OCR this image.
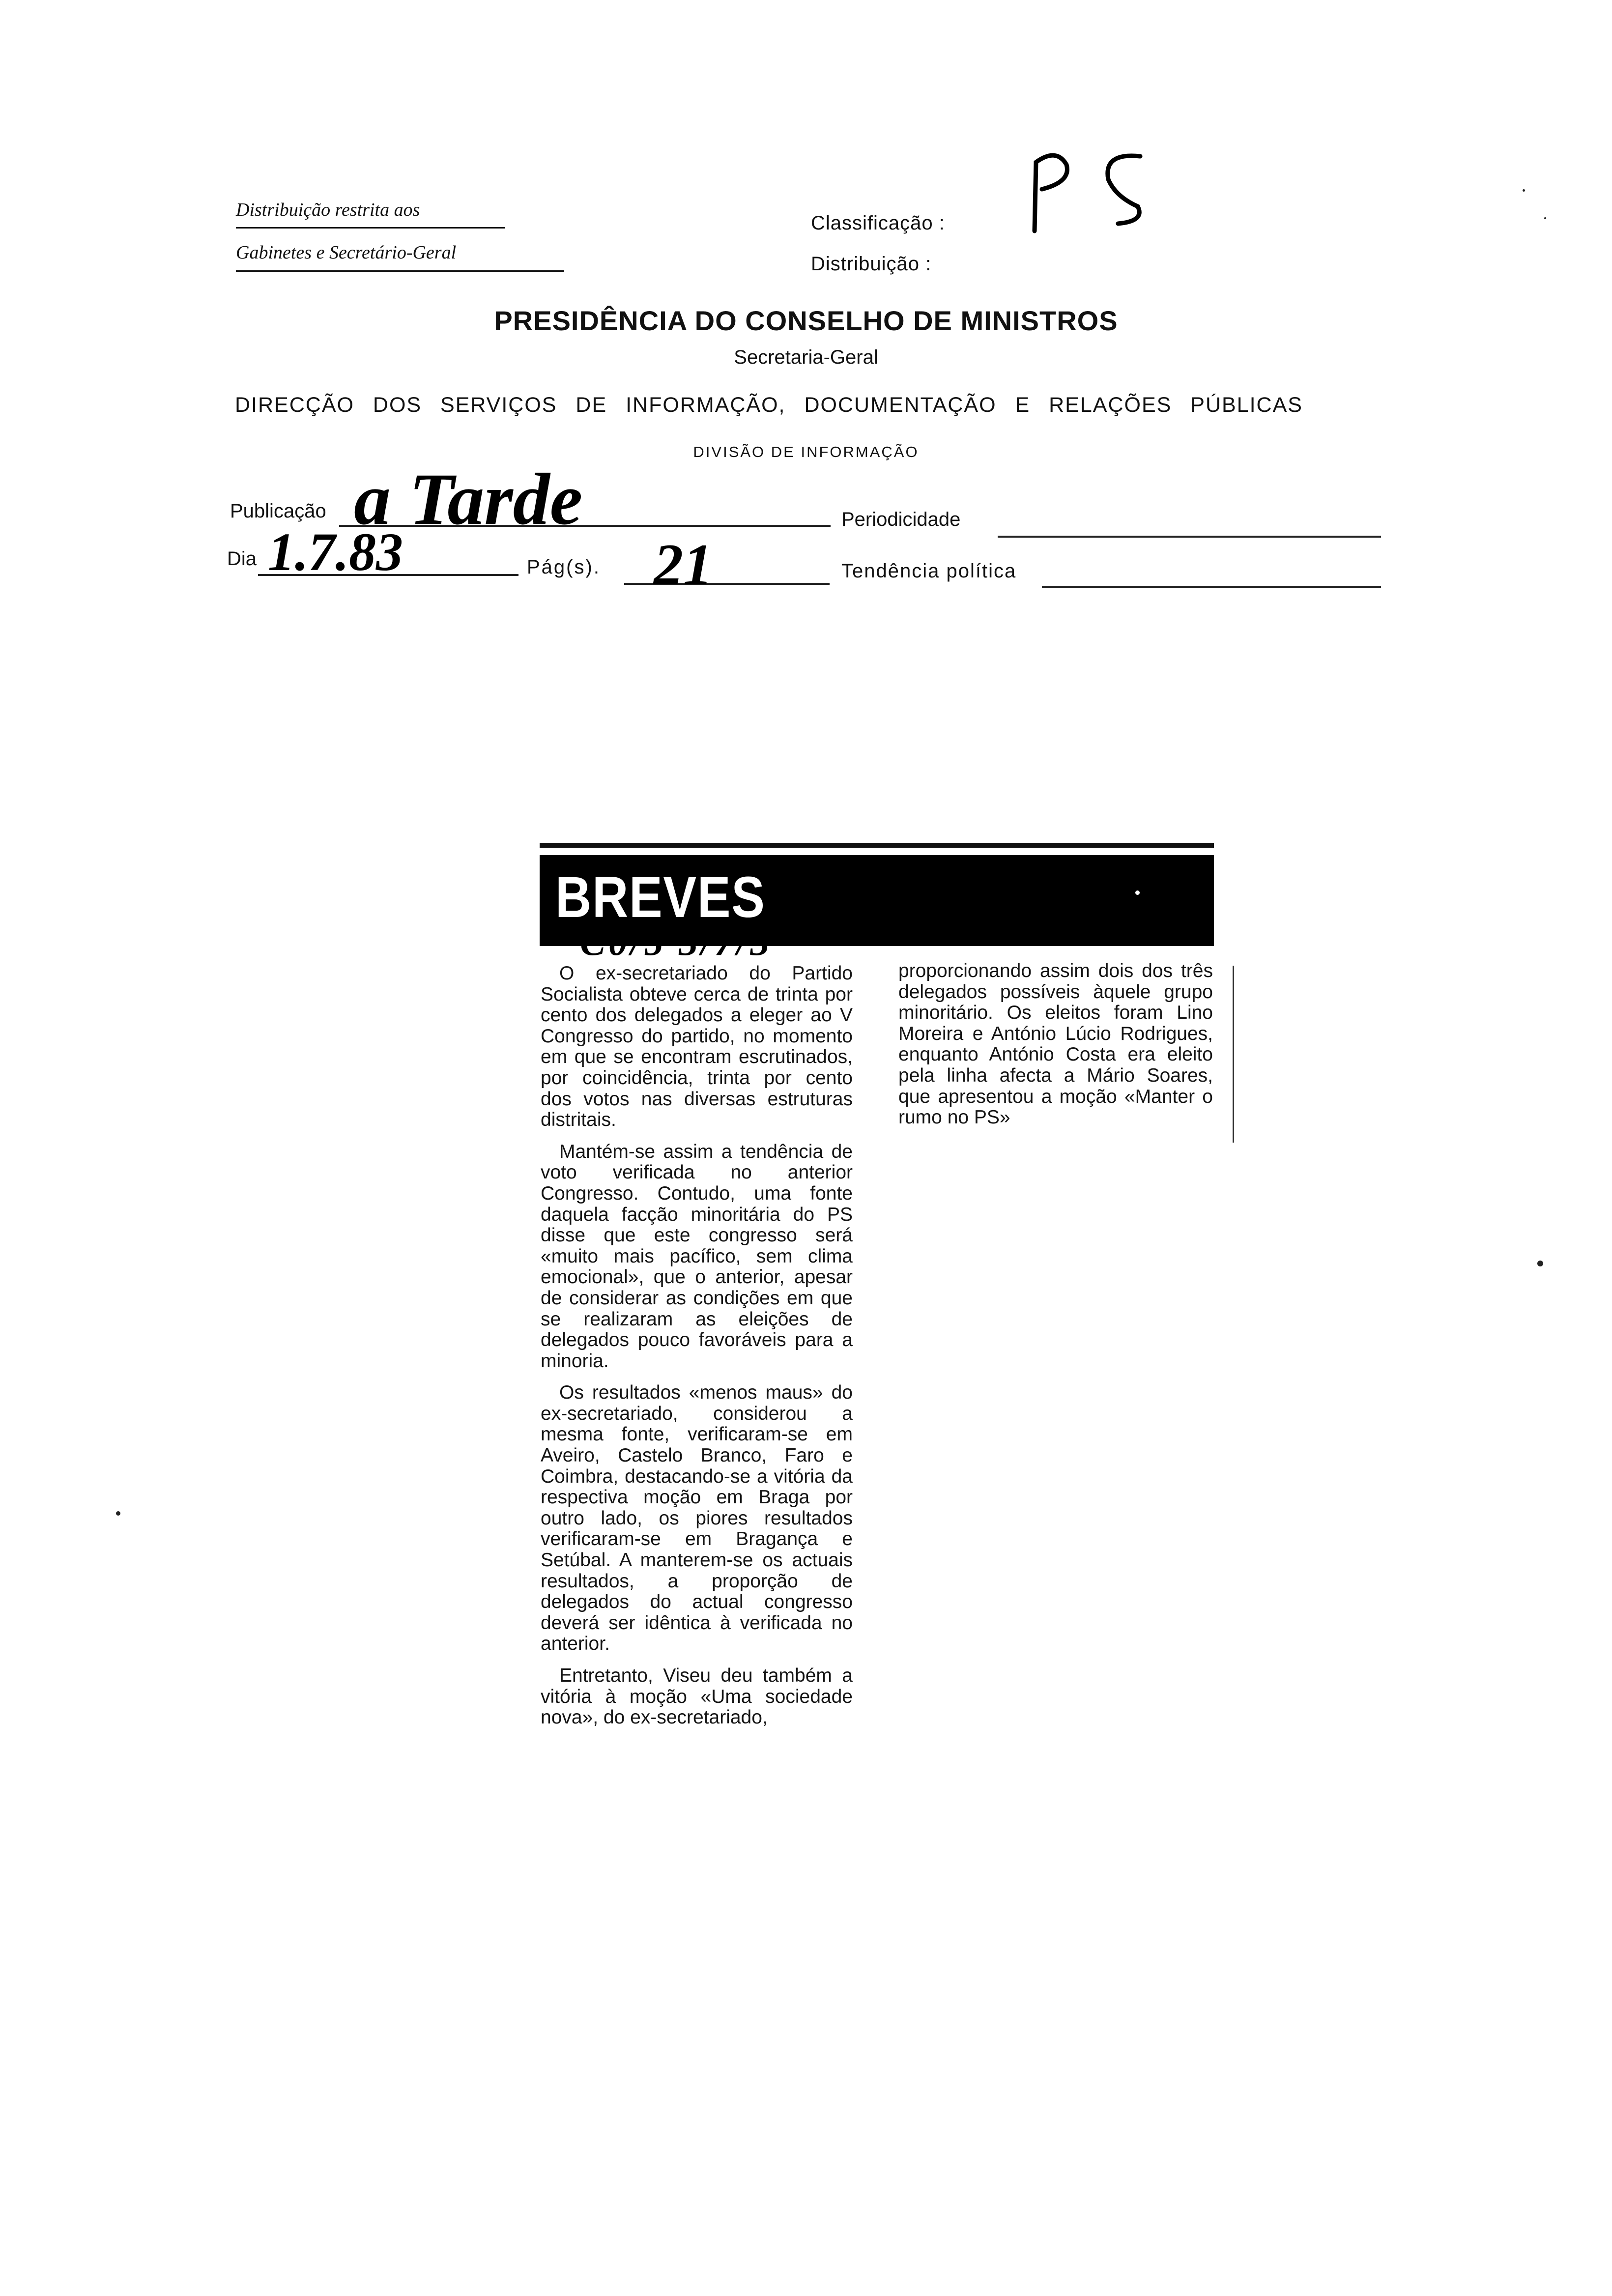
Distribuição restrita aos
Gabinetes e Secretário-Geral
Classificação :
Distribuição :
PRESIDÊNCIA DO CONSELHO DE MINISTROS
Secretaria-Geral
DIRECÇÃO DOS SERVIÇOS DE INFORMAÇÃO, DOCUMENTAÇÃO E RELAÇÕES PÚBLICAS
DIVISÃO DE INFORMAÇÃO
Publicação a Tarde	Periodicidade
Dia 1.7.83	Pág(s). 21	Tendência política
BREVES
C0/5 3/7/3

O ex-secretariado do Partido Socialista obteve cerca de trinta por cento dos delegados a eleger ao V Congresso do partido, no momento em que se encontram escrutinados, por coincidência, trinta por cento dos votos nas diversas estruturas distritais.

Mantém-se assim a tendência de voto verificada no anterior Congresso. Contudo, uma fonte daquela facção minoritária do PS disse que este congresso será «muito mais pacífico, sem clima emocional», que o anterior, apesar de considerar as condições em que se realizaram as eleições de delegados pouco favoráveis para a minoria.

Os resultados «menos maus» do ex-secretariado, considerou a mesma fonte, verificaram-se em Aveiro, Castelo Branco, Faro e Coimbra, destacando-se a vitória da respectiva moção em Braga por outro lado, os piores resultados verificaram-se em Bragança e Setúbal. A manterem-se os actuais resultados, a proporção de delegados do actual congresso deverá ser idêntica à verificada no anterior.

Entretanto, Viseu deu também a vitória à moção «Uma sociedade nova», do ex-secretariado,

proporcionando assim dois dos três delegados possíveis àquele grupo minoritário. Os eleitos foram Lino Moreira e António Lúcio Rodrigues, enquanto António Costa era eleito pela linha afecta a Mário Soares, que apresentou a moção «Manter o rumo no PS»
